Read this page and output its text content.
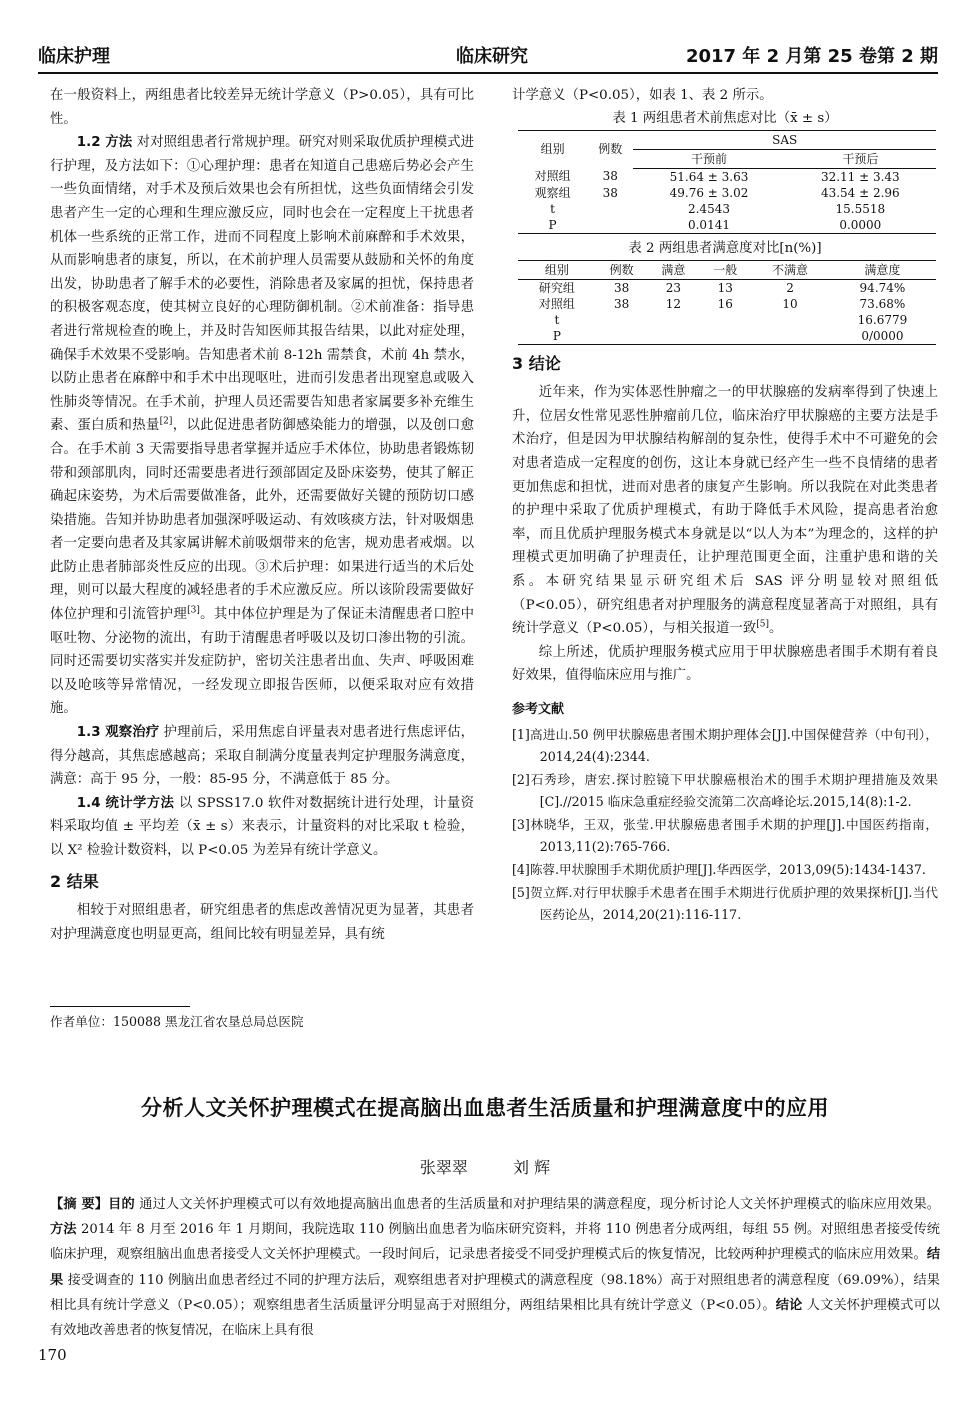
临床护理	临床研究	2017 年 2 月第 25 卷第 2 期

在一般资料上，两组患者比较差异无统计学意义（P>0.05），具有可比性。

1.2 方法 对对照组患者行常规护理。研究对则采取优质护理模式进行护理，及方法如下：①心理护理：患者在知道自己患癌后势必会产生一些负面情绪，对手术及预后效果也会有所担忧，这些负面情绪会引发患者产生一定的心理和生理应激反应，同时也会在一定程度上干扰患者机体一些系统的正常工作，进而不同程度上影响术前麻醉和手术效果，从而影响患者的康复，所以，在术前护理人员需要从鼓励和关怀的角度出发，协助患者了解手术的必要性，消除患者及家属的担忧，保持患者的积极客观态度，使其树立良好的心理防御机制。②术前准备：指导患者进行常规检查的晚上，并及时告知医师其报告结果，以此对症处理，确保手术效果不受影响。告知患者术前 8-12h 需禁食，术前 4h 禁水，以防止患者在麻醉中和手术中出现呕吐，进而引发患者出现窒息或吸入性肺炎等情况。在手术前，护理人员还需要告知患者家属要多补充维生素、蛋白质和热量[2]，以此促进患者防御感染能力的增强，以及创口愈合。在手术前 3 天需要指导患者掌握并适应手术体位，协助患者锻炼韧带和颈部肌肉，同时还需要患者进行颈部固定及卧床姿势，使其了解正确起床姿势，为术后需要做准备，此外，还需要做好关键的预防切口感染措施。告知并协助患者加强深呼吸运动、有效咳痰方法，针对吸烟患者一定要向患者及其家属讲解术前吸烟带来的危害，规劝患者戒烟。以此防止患者肺部炎性反应的出现。③术后护理：如果进行适当的术后处理，则可以最大程度的减轻患者的手术应激反应。所以该阶段需要做好体位护理和引流管护理[3]。其中体位护理是为了保证未清醒患者口腔中呕吐物、分泌物的流出，有助于清醒患者呼吸以及切口渗出物的引流。同时还需要切实落实并发症防护，密切关注患者出血、失声、呼吸困难以及呛咳等异常情况，一经发现立即报告医师，以便采取对应有效措施。

1.3 观察治疗 护理前后，采用焦虑自评量表对患者进行焦虑评估，得分越高，其焦虑感越高；采取自制满分度量表判定护理服务满意度，满意：高于 95 分，一般：85-95 分，不满意低于 85 分。

1.4 统计学方法 以 SPSS17.0 软件对数据统计进行处理，计量资料采取均值 ± 平均差（x̄ ± s）来表示，计量资料的对比采取 t 检验，以 X² 检验计数资料，以 P<0.05 为差异有统计学意义。

2 结果

相较于对照组患者，研究组患者的焦虑改善情况更为显著，其患者对护理满意度也明显更高，组间比较有明显差异，具有统

计学意义（P<0.05），如表 1、表 2 所示。

表 1 两组患者术前焦虑对比（x̄ ± s）
组别	例数	SAS	
		干预前	干预后
对照组	38	51.64 ± 3.63	32.11 ± 3.43
观察组	38	49.76 ± 3.02	43.54 ± 2.96
t		2.4543	15.5518
P		0.0141	0.0000
表 2 两组患者满意度对比[n(%)]
组别	例数	满意	一般	不满意	满意度
研究组	38	23	13	2	94.74%
对照组	38	12	16	10	73.68%
t					16.6779
P					0/0000
3 结论

近年来，作为实体恶性肿瘤之一的甲状腺癌的发病率得到了快速上升，位居女性常见恶性肿瘤前几位，临床治疗甲状腺癌的主要方法是手术治疗，但是因为甲状腺结构解剖的复杂性，使得手术中不可避免的会对患者造成一定程度的创伤，这让本身就已经产生一些不良情绪的患者更加焦虑和担忧，进而对患者的康复产生影响。所以我院在对此类患者的护理中采取了优质护理模式，有助于降低手术风险，提高患者治愈率，而且优质护理服务模式本身就是以“以人为本”为理念的，这样的护理模式更加明确了护理责任，让护理范围更全面，注重护患和谐的关系。本研究结果显示研究组术后 SAS 评分明显较对照组低（P<0.05），研究组患者对护理服务的满意程度显著高于对照组，具有统计学意义（P<0.05），与相关报道一致[5]。

综上所述，优质护理服务模式应用于甲状腺癌患者围手术期有着良好效果，值得临床应用与推广。

参考文献
[1]高进山.50 例甲状腺癌患者围术期护理体会[J].中国保健营养（中旬刊），2014,24(4):2344.
[2]石秀珍，唐宏.探讨腔镜下甲状腺癌根治术的围手术期护理措施及效果 [C].//2015 临床急重症经验交流第二次高峰论坛.2015,14(8):1-2.
[3]林晓华，王双，张莹.甲状腺癌患者围手术期的护理[J].中国医药指南，2013,11(2):765-766.
[4]陈蓉.甲状腺围手术期优质护理[J].华西医学，2013,09(5):1434-1437.
[5]贺立辉.对行甲状腺手术患者在围手术期进行优质护理的效果探析[J].当代医药论丛，2014,20(21):116-117.
作者单位：150088 黑龙江省农垦总局总医院
分析人文关怀护理模式在提高脑出血患者生活质量和护理满意度中的应用
张翠翠	刘 辉
【摘 要】目的 通过人文关怀护理模式可以有效地提高脑出血患者的生活质量和对护理结果的满意程度，现分析讨论人文关怀护理模式的临床应用效果。方法 2014 年 8 月至 2016 年 1 月期间，我院选取 110 例脑出血患者为临床研究资料，并将 110 例患者分成两组，每组 55 例。对照组患者接受传统临床护理，观察组脑出血患者接受人文关怀护理模式。一段时间后，记录患者接受不同受护理模式后的恢复情况，比较两种护理模式的临床应用效果。结果 接受调查的 110 例脑出血患者经过不同的护理方法后，观察组患者对护理模式的满意程度（98.18%）高于对照组患者的满意程度（69.09%），结果相比具有统计学意义（P<0.05）；观察组患者生活质量评分明显高于对照组分，两组结果相比具有统计学意义（P<0.05）。结论 人文关怀护理模式可以有效地改善患者的恢复情况，在临床上具有很
170
